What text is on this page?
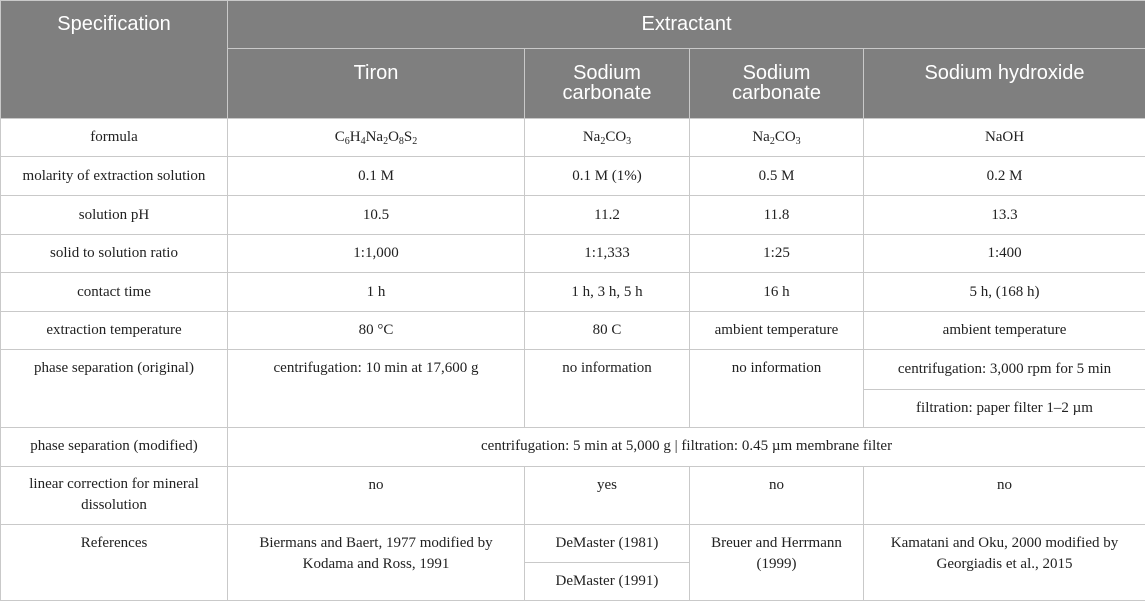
Specification	Extractant			
	Tiron	Sodium carbonate	Sodium carbonate	Sodium hydroxide
formula	$C_6H_4Na_2O_8S_2$	$Na_2CO_3$	$Na_2CO_3$	NaOH
molarity of extraction solution	0.1 M	0.1 M (1%)	0.5 M	0.2 M
solution pH	10.5	11.2	11.8	13.3
solid to solution ratio	1:1,000	1:1,333	1:25	1:400
contact time	1 h	1 h, 3 h, 5 h	16 h	5 h, (168 h)
extraction temperature	80 °C	80 C	ambient temperature	ambient temperature
phase separation (original)	centrifugation: 10 min at 17,600 g	no information	no information	centrifugation: 3,000 rpm for 5 min
				filtration: paper filter 1–2 µm
phase separation (modified)	centrifugation: 5 min at 5,000 g | filtration: 0.45 µm membrane filter			
linear correction for mineral dissolution	no	yes	no	no
References	Biermans and Baert, 1977 modified by Kodama and Ross, 1991	DeMaster (1981)	Breuer and Herrmann (1999)	Kamatani and Oku, 2000 modified by Georgiadis et al., 2015
		DeMaster (1991)		
